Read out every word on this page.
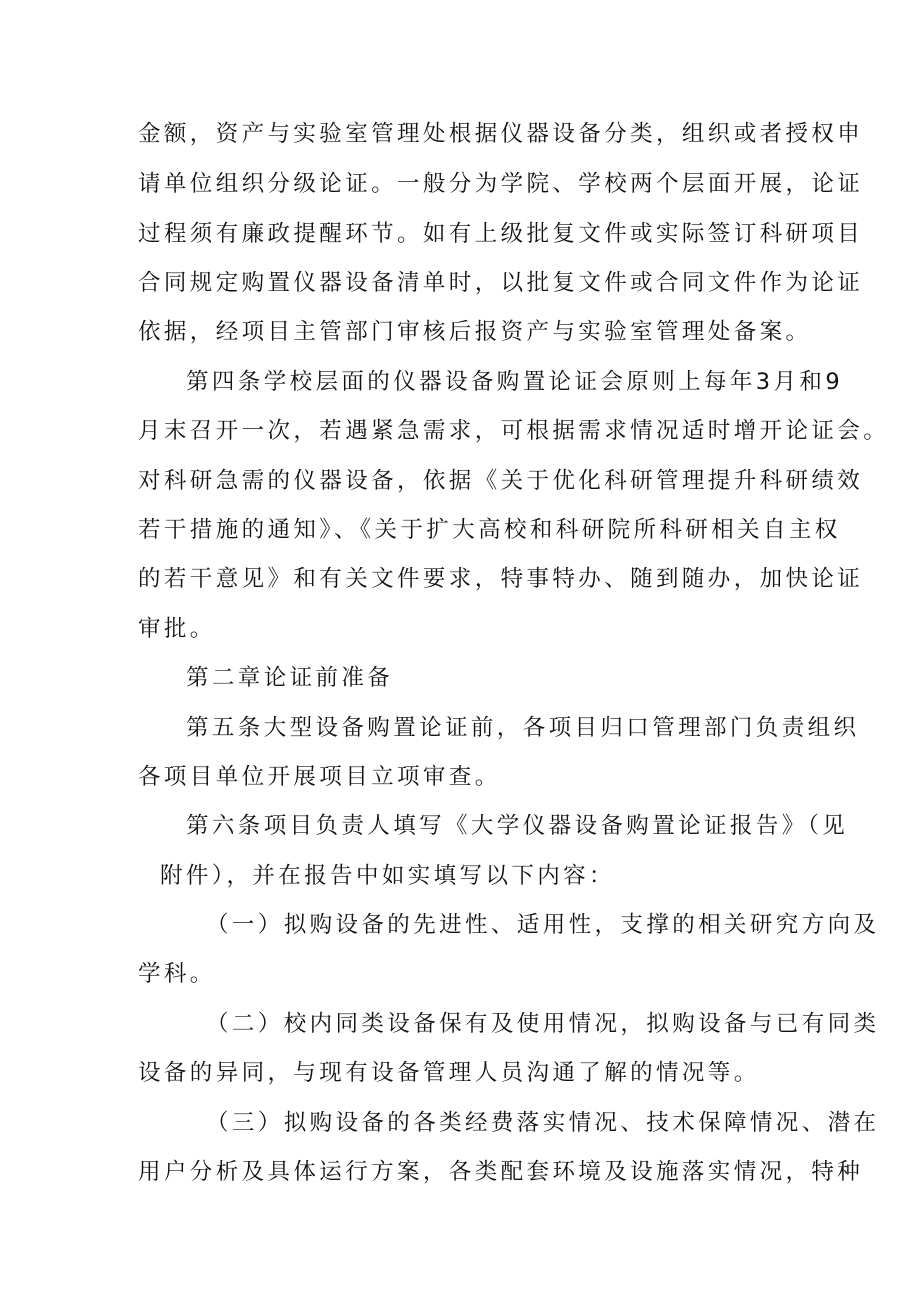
金额，资产与实验室管理处根据仪器设备分类，组织或者授权申
请单位组织分级论证。一般分为学院、学校两个层面开展，论证
过程须有廉政提醒环节。如有上级批复文件或实际签订科研项目
合同规定购置仪器设备清单时，以批复文件或合同文件作为论证
依据，经项目主管部门审核后报资产与实验室管理处备案。
第四条学校层面的仪器设备购置论证会原则上每年3月和9
月末召开一次，若遇紧急需求，可根据需求情况适时增开论证会。
对科研急需的仪器设备，依据《关于优化科研管理提升科研绩效
若干措施的通知》、《关于扩大高校和科研院所科研相关自主权
的若干意见》和有关文件要求，特事特办、随到随办，加快论证
审批。
第二章论证前准备
第五条大型设备购置论证前，各项目归口管理部门负责组织
各项目单位开展项目立项审查。
第六条项目负责人填写《大学仪器设备购置论证报告》（见
附件），并在报告中如实填写以下内容：
（一）拟购设备的先进性、适用性，支撑的相关研究方向及
学科。
（二）校内同类设备保有及使用情况，拟购设备与已有同类
设备的异同，与现有设备管理人员沟通了解的情况等。
（三）拟购设备的各类经费落实情况、技术保障情况、潜在
用户分析及具体运行方案，各类配套环境及设施落实情况，特种
